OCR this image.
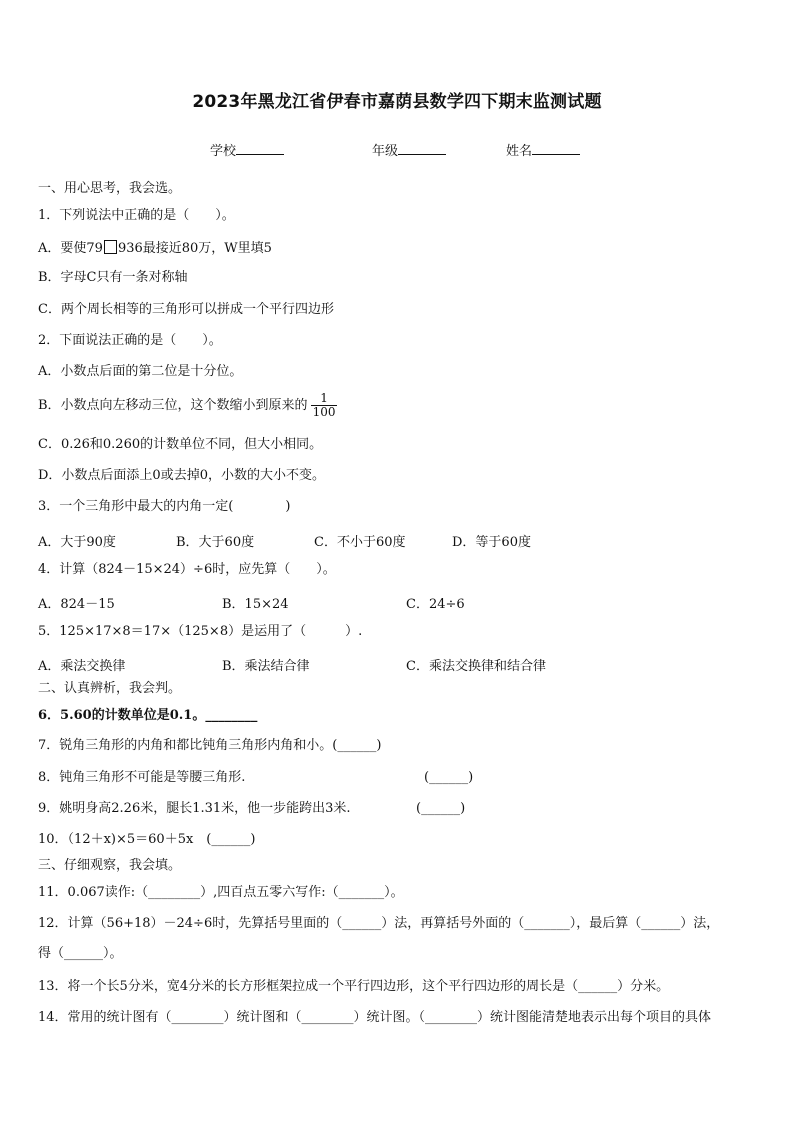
2023年黑龙江省伊春市嘉荫县数学四下期末监测试题
学校	年级	姓名
一、用心思考，我会选。
1．下列说法中正确的是（　　）。
A．要使79 936最接近80万，W里填5
B．字母C只有一条对称轴
C．两个周长相等的三角形可以拼成一个平行四边形
2．下面说法正确的是（　　）。
A．小数点后面的第二位是十分位。
B．小数点向左移动三位，这个数缩小到原来的 $\frac{1}{100}$
C．0.26和0.260的计数单位不同，但大小相同。
D．小数点后面添上0或去掉0，小数的大小不变。
3．一个三角形中最大的内角一定(　　　　)
A．大于90度	B．大于60度	C．不小于60度	D．等于60度
4．计算（824－15×24）÷6时，应先算（　　）。
A．824－15	B．15×24	C．24÷6
5．125×17×8＝17×（125×8）是运用了（　　　）.
A．乘法交换律	B．乘法结合律	C．乘法交换律和结合律
二、认真辨析，我会判。
6．5.60的计数单位是0.1。________
7．锐角三角形的内角和都比钝角三角形内角和小。(______)
8．钝角三角形不可能是等腰三角形.	(______)
9．姚明身高2.26米，腿长1.31米，他一步能跨出3米.	(______)
10．（12＋x)×5＝60＋5x　(______)
三、仔细观察，我会填。
11．0.067读作:（________）,四百点五零六写作:（_______）。
12．计算（56+18）－24÷6时，先算括号里面的（______）法，再算括号外面的（_______），最后算（______）法，
得（______）。
13．将一个长5分米，宽4分米的长方形框架拉成一个平行四边形，这个平行四边形的周长是（______）分米。
14．常用的统计图有（________）统计图和（________）统计图。（________）统计图能清楚地表示出每个项目的具体
